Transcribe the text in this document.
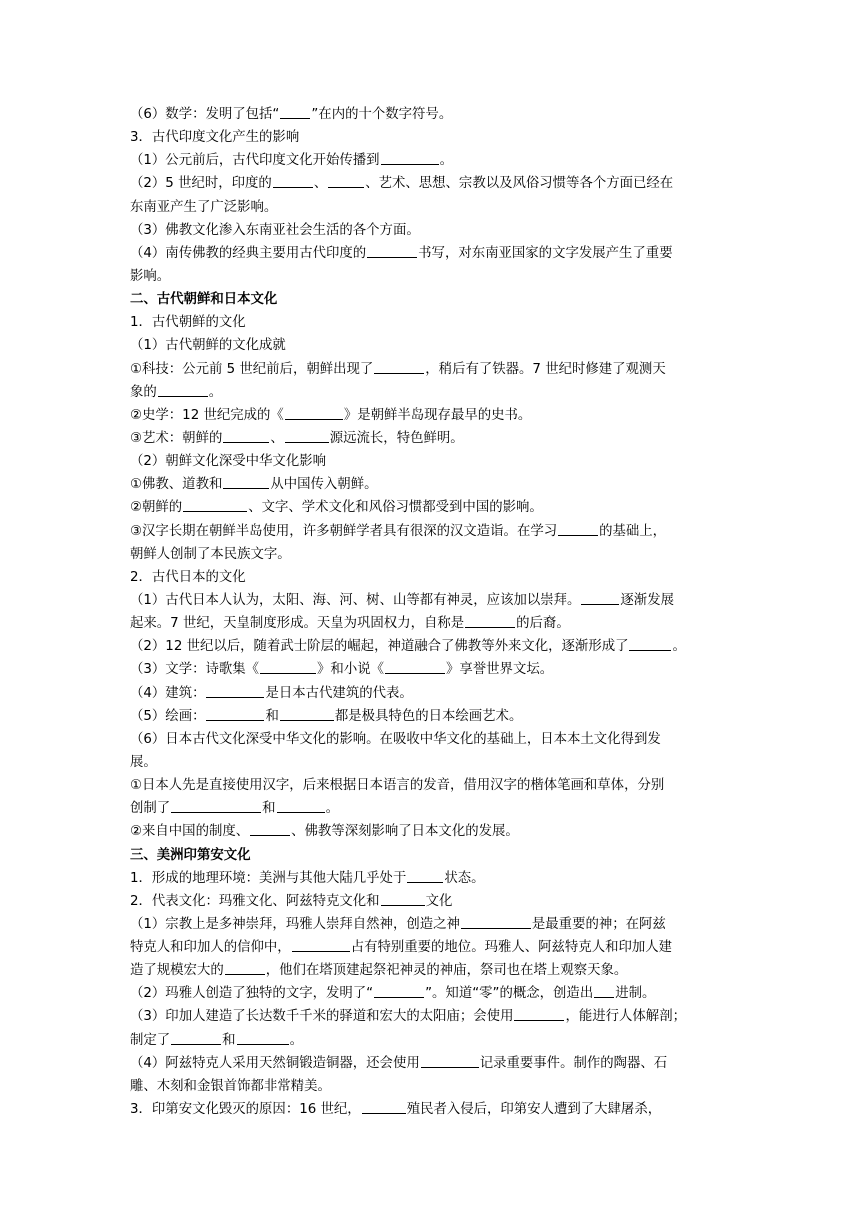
（6）数学：发明了包括“ ”在内的十个数字符号。
3．古代印度文化产生的影响
（1）公元前后，古代印度文化开始传播到	。
（2）5 世纪时，印度的	、	、艺术、思想、宗教以及风俗习惯等各个方面已经在
东南亚产生了广泛影响。
（3）佛教文化渗入东南亚社会生活的各个方面。
（4）南传佛教的经典主要用古代印度的	书写，对东南亚国家的文字发展产生了重要
影响。
二、古代朝鲜和日本文化
1．古代朝鲜的文化
（1）古代朝鲜的文化成就
①科技：公元前 5 世纪前后，朝鲜出现了	，稍后有了铁器。7 世纪时修建了观测天
象的	。
②史学：12 世纪完成的《	》是朝鲜半岛现存最早的史书。
③艺术：朝鲜的	、	源远流长，特色鲜明。
（2）朝鲜文化深受中华文化影响
①佛教、道教和	从中国传入朝鲜。
②朝鲜的	、文字、学术文化和风俗习惯都受到中国的影响。
③汉字长期在朝鲜半岛使用，许多朝鲜学者具有很深的汉文造诣。在学习	的基础上，
朝鲜人创制了本民族文字。
2．古代日本的文化
（1）古代日本人认为，太阳、海、河、树、山等都有神灵，应该加以崇拜。	逐渐发展
起来。7 世纪，天皇制度形成。天皇为巩固权力，自称是	的后裔。
（2）12 世纪以后，随着武士阶层的崛起，神道融合了佛教等外来文化，逐渐形成了	。
（3）文学：诗歌集《	》和小说《	》享誉世界文坛。
（4）建筑：	是日本古代建筑的代表。
（5）绘画：	和	都是极具特色的日本绘画艺术。
（6）日本古代文化深受中华文化的影响。在吸收中华文化的基础上，日本本土文化得到发
展。
①日本人先是直接使用汉字，后来根据日本语言的发音，借用汉字的楷体笔画和草体，分别
创制了	和	。
②来自中国的制度、	、佛教等深刻影响了日本文化的发展。
三、美洲印第安文化
1．形成的地理环境：美洲与其他大陆几乎处于	状态。
2．代表文化：玛雅文化、阿兹特克文化和	文化
（1）宗教上是多神崇拜，玛雅人崇拜自然神，创造之神	是最重要的神；在阿兹
特克人和印加人的信仰中，	占有特别重要的地位。玛雅人、阿兹特克人和印加人建
造了规模宏大的	，他们在塔顶建起祭祀神灵的神庙，祭司也在塔上观察天象。
（2）玛雅人创造了独特的文字，发明了“	”。知道“零”的概念，创造出 进制。
（3）印加人建造了长达数千千米的驿道和宏大的太阳庙；会使用	，能进行人体解剖；
制定了	和	。
（4）阿兹特克人采用天然铜锻造铜器，还会使用	记录重要事件。制作的陶器、石
雕、木刻和金银首饰都非常精美。
3．印第安文化毁灭的原因：16 世纪，	殖民者入侵后，印第安人遭到了大肆屠杀，
